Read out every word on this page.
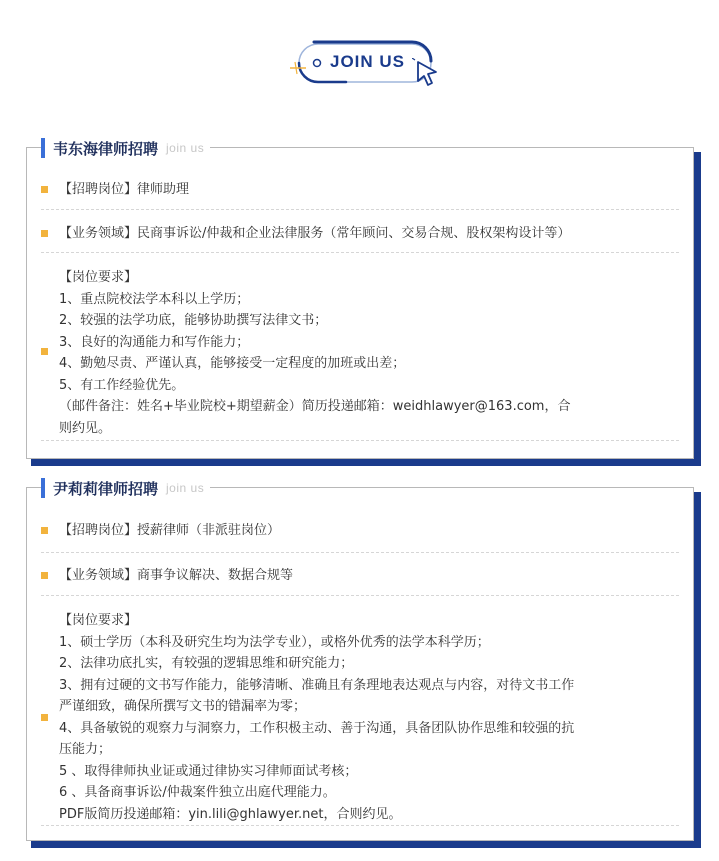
JOIN US
韦东海律师招聘 join us
【招聘岗位】律师助理
【业务领域】民商事诉讼/仲裁和企业法律服务（常年顾问、交易合规、股权架构设计等）
【岗位要求】
1、重点院校法学本科以上学历；
2、较强的法学功底，能够协助撰写法律文书；
3、良好的沟通能力和写作能力；
4、勤勉尽责、严谨认真，能够接受一定程度的加班或出差；
5、有工作经验优先。
（邮件备注：姓名+毕业院校+期望薪金）简历投递邮箱：weidhlawyer@163.com，合
则约见。
尹莉莉律师招聘 join us
【招聘岗位】授薪律师（非派驻岗位）
【业务领域】商事争议解决、数据合规等
【岗位要求】
1、硕士学历（本科及研究生均为法学专业），或格外优秀的法学本科学历；
2、法律功底扎实，有较强的逻辑思维和研究能力；
3、拥有过硬的文书写作能力，能够清晰、准确且有条理地表达观点与内容，对待文书工作
严谨细致，确保所撰写文书的错漏率为零；
4、具备敏锐的观察力与洞察力，工作积极主动、善于沟通，具备团队协作思维和较强的抗
压能力；
5 、取得律师执业证或通过律协实习律师面试考核；
6 、具备商事诉讼/仲裁案件独立出庭代理能力。
PDF版简历投递邮箱：yin.lili@ghlawyer.net，合则约见。
